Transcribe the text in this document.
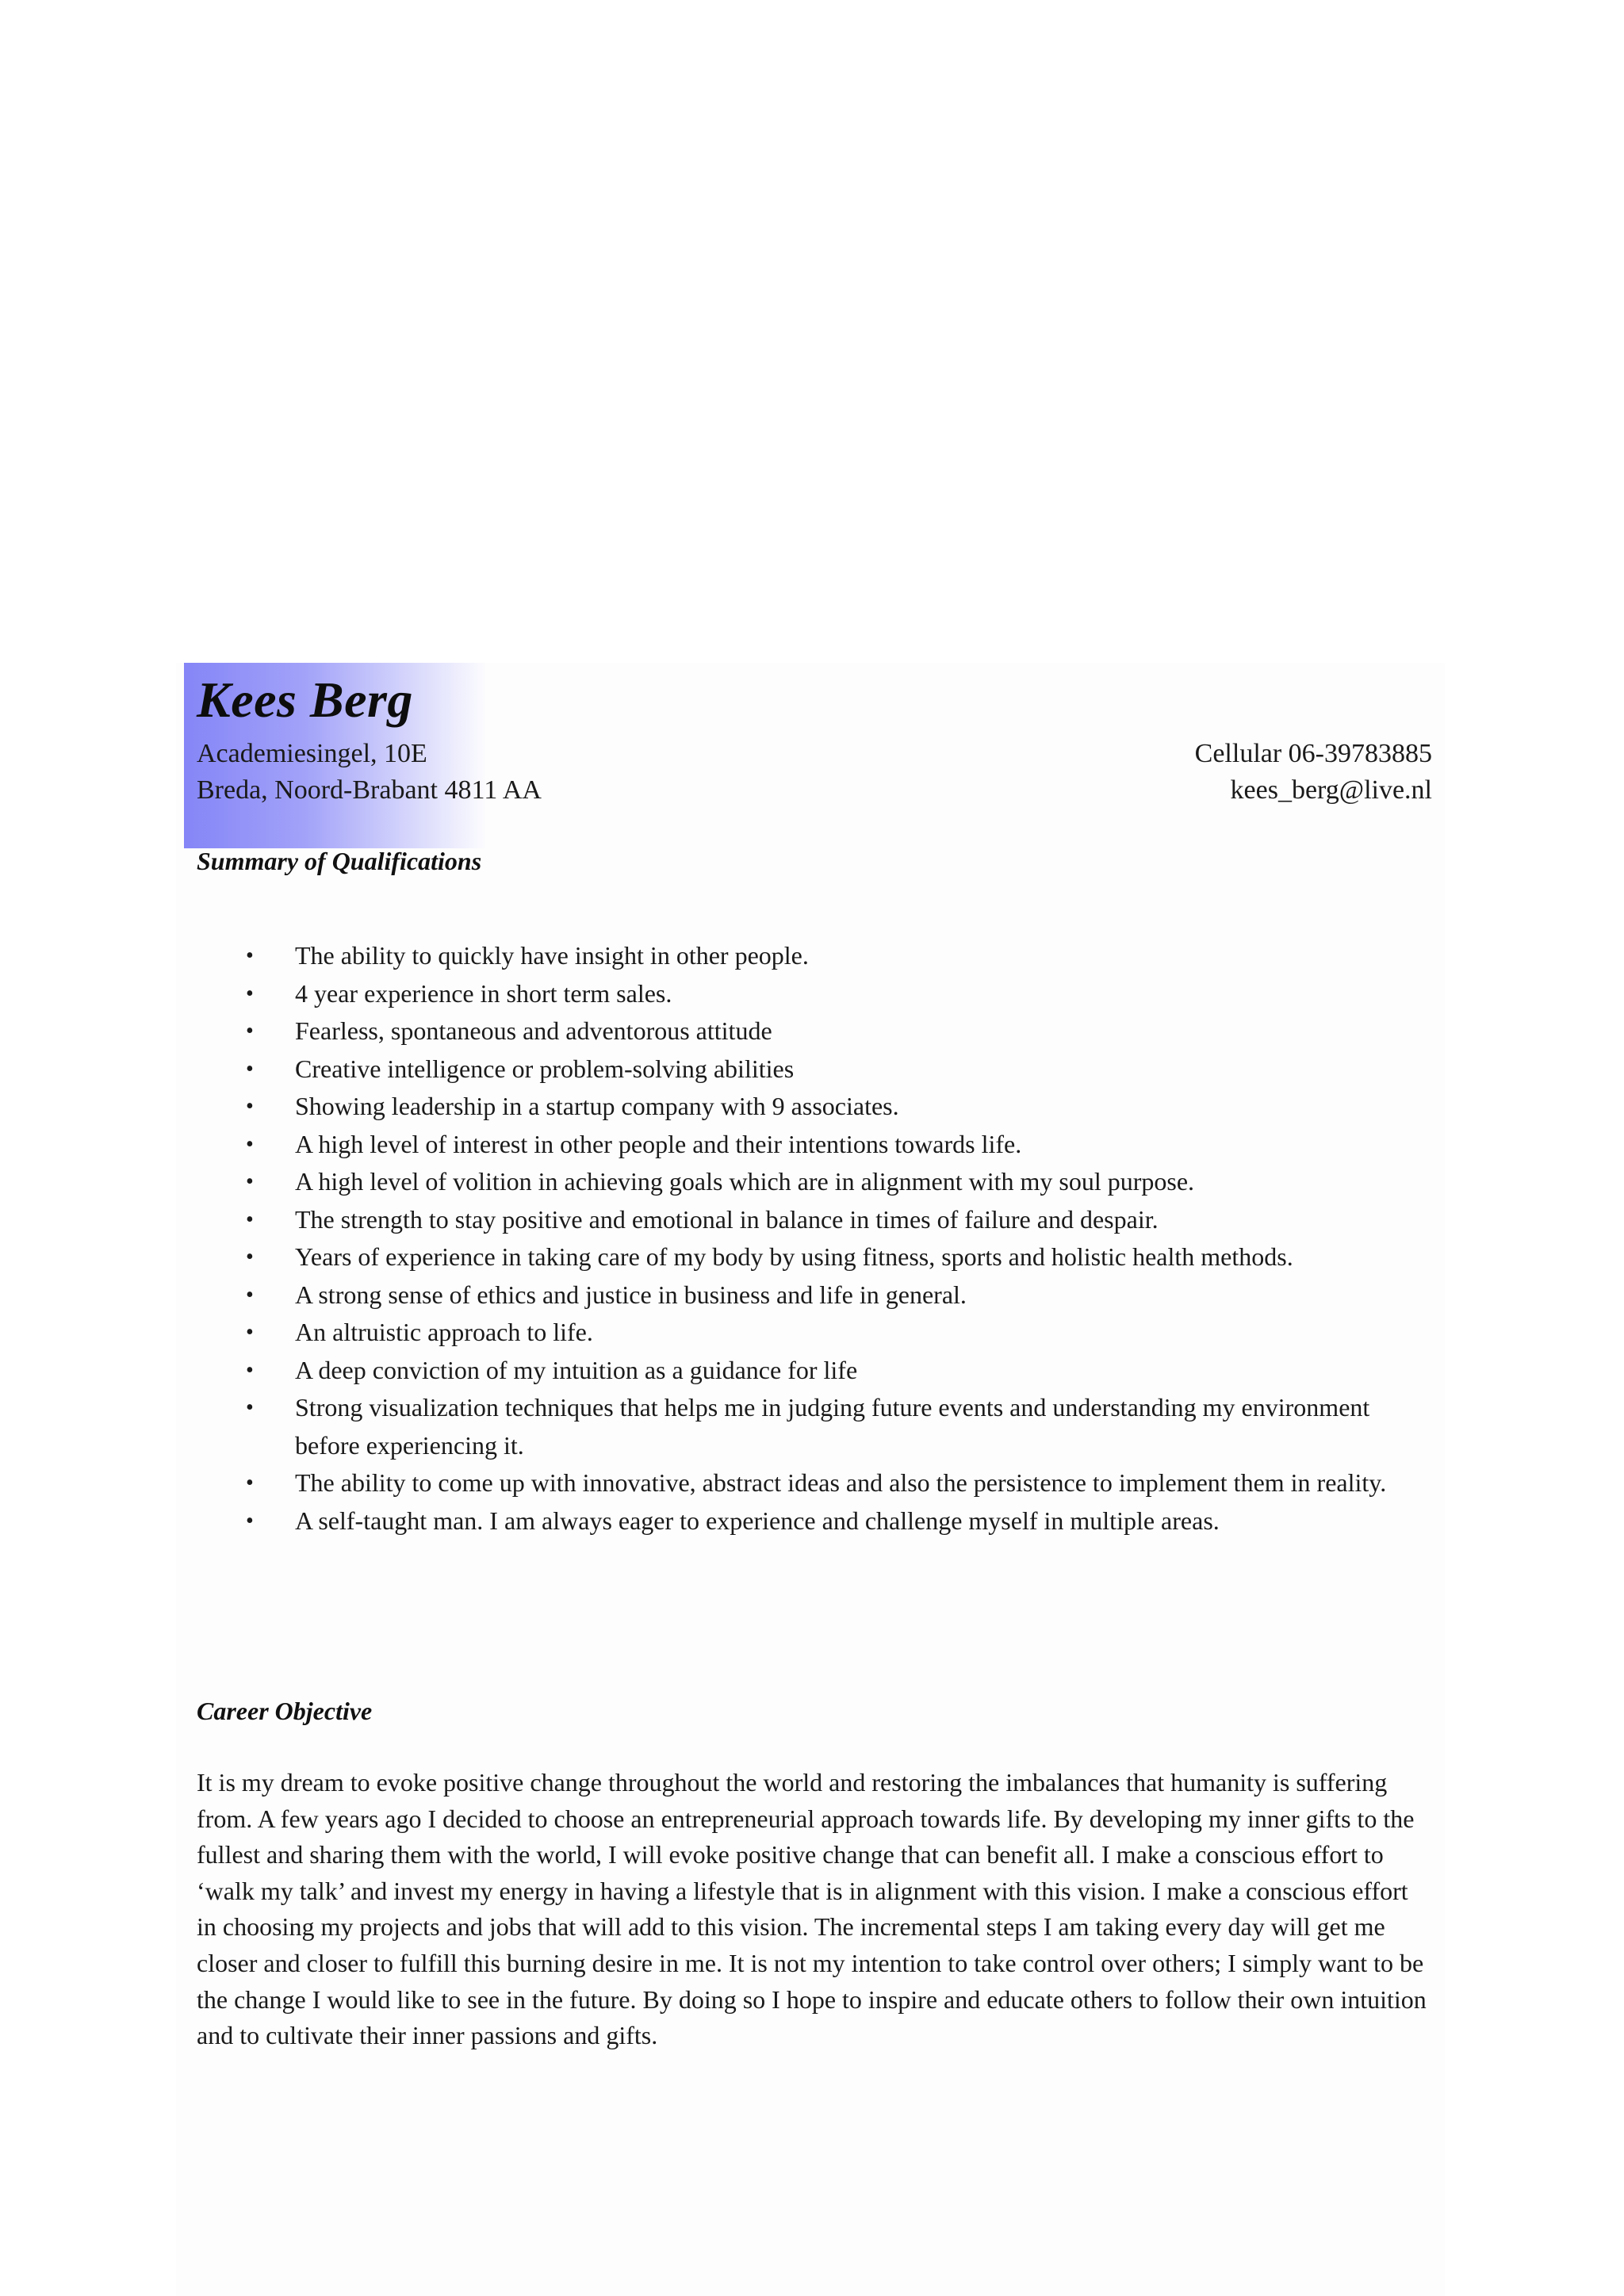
Kees Berg
Academiesingel, 10E
Breda, Noord-Brabant 4811 AA
Cellular 06-39783885
kees_berg@live.nl
Summary of Qualifications
• The ability to quickly have insight in other people.
• 4 year experience in short term sales.
• Fearless, spontaneous and adventorous attitude
• Creative intelligence or problem-solving abilities
• Showing leadership in a startup company with 9 associates.
• A high level of interest in other people and their intentions towards life.
• A high level of volition in achieving goals which are in alignment with my soul purpose.
• The strength to stay positive and emotional in balance in times of failure and despair.
• Years of experience in taking care of my body by using fitness, sports and holistic health methods.
• A strong sense of ethics and justice in business and life in general.
• An altruistic approach to life.
• A deep conviction of my intuition as a guidance for life
• Strong visualization techniques that helps me in judging future events and understanding my environment before experiencing it.
• The ability to come up with innovative, abstract ideas and also the persistence to implement them in reality.
• A self-taught man. I am always eager to experience and challenge myself in multiple areas.
Career Objective

It is my dream to evoke positive change throughout the world and restoring the imbalances that humanity is suffering from. A few years ago I decided to choose an entrepreneurial approach towards life. By developing my inner gifts to the fullest and sharing them with the world, I will evoke positive change that can benefit all. I make a conscious effort to ‘walk my talk’ and invest my energy in having a lifestyle that is in alignment with this vision. I make a conscious effort in choosing my projects and jobs that will add to this vision. The incremental steps I am taking every day will get me closer and closer to fulfill this burning desire in me. It is not my intention to take control over others; I simply want to be the change I would like to see in the future. By doing so I hope to inspire and educate others to follow their own intuition and to cultivate their inner passions and gifts.
